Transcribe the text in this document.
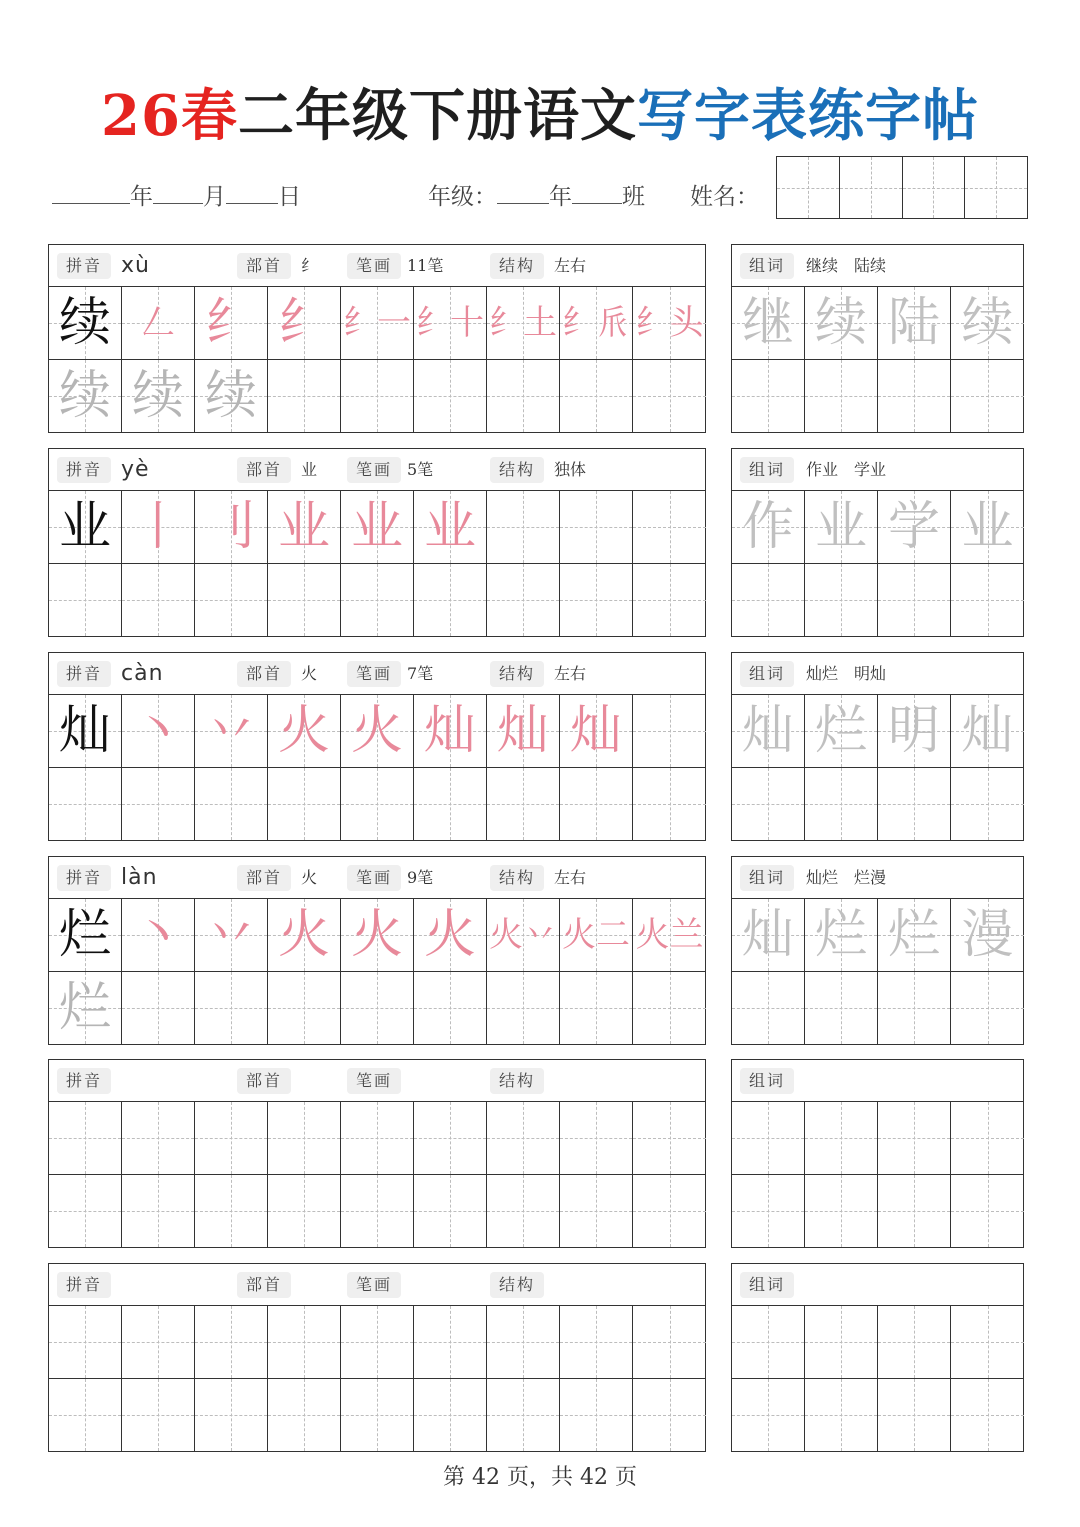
26春二年级下册语文写字表练字帖
年 月 日	年级： 年 班 姓名：
拼音 xù	部首	纟	笔画 11笔	结构	左右
续 𠃋 纟 纟 纟一 纟十 纟土 纟𠂢 纟头
续 续 续
组词	继续　陆续
继 续 陆 续
拼音 yè	部首	业	笔画 5笔	结构	独体
业 丨 刂 业 业 业
组词	作业　学业
作 业 学 业
拼音 càn	部首	火	笔画 7笔	结构	左右
灿 丶 丷 火 火 灿 灿 灿
组词	灿烂　明灿
灿 烂 明 灿
拼音 làn	部首	火	笔画 9笔	结构	左右
烂 丶 丷 火 火 火 火丷 火二 火兰
烂
组词	灿烂　烂漫
灿 烂 烂 漫
拼音	部首	笔画	结构	组词
拼音	部首	笔画	结构	组词
第 42 页，共 42 页
